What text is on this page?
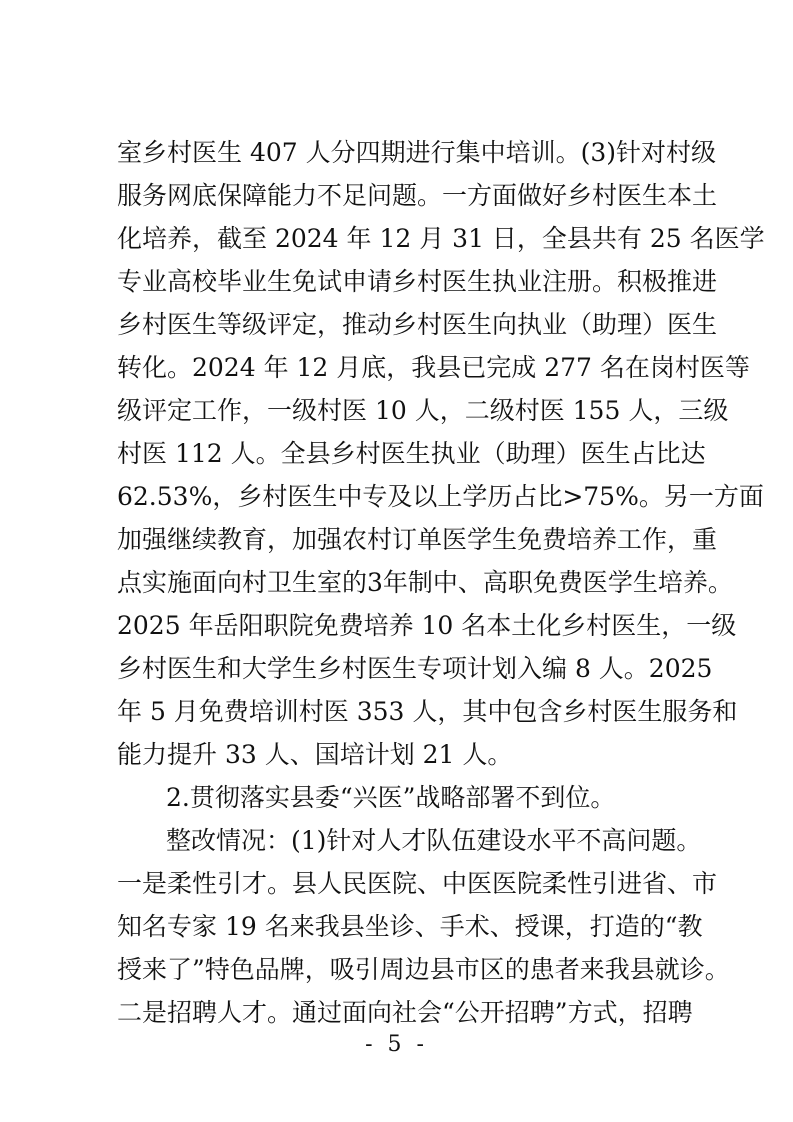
室乡村医生 407 人分四期进行集中培训。(3)针对村级
服务网底保障能力不足问题。一方面做好乡村医生本土
化培养，截至 2024 年 12 月 31 日，全县共有 25 名医学
专业高校毕业生免试申请乡村医生执业注册。积极推进
乡村医生等级评定，推动乡村医生向执业（助理）医生
转化。2024 年 12 月底，我县已完成 277 名在岗村医等
级评定工作，一级村医 10 人，二级村医 155 人，三级
村医 112 人。全县乡村医生执业（助理）医生占比达
62.53%，乡村医生中专及以上学历占比>75%。另一方面
加强继续教育，加强农村订单医学生免费培养工作，重
点实施面向村卫生室的3年制中、高职免费医学生培养。
2025 年岳阳职院免费培养 10 名本土化乡村医生，一级
乡村医生和大学生乡村医生专项计划入编 8 人。2025
年 5 月免费培训村医 353 人，其中包含乡村医生服务和
能力提升 33 人、国培计划 21 人。
2.贯彻落实县委“兴医”战略部署不到位。
整改情况：(1)针对人才队伍建设水平不高问题。
一是柔性引才。县人民医院、中医医院柔性引进省、市
知名专家 19 名来我县坐诊、手术、授课，打造的“教
授来了”特色品牌，吸引周边县市区的患者来我县就诊。
- 5 -
二是招聘人才。通过面向社会“公开招聘”方式，招聘
